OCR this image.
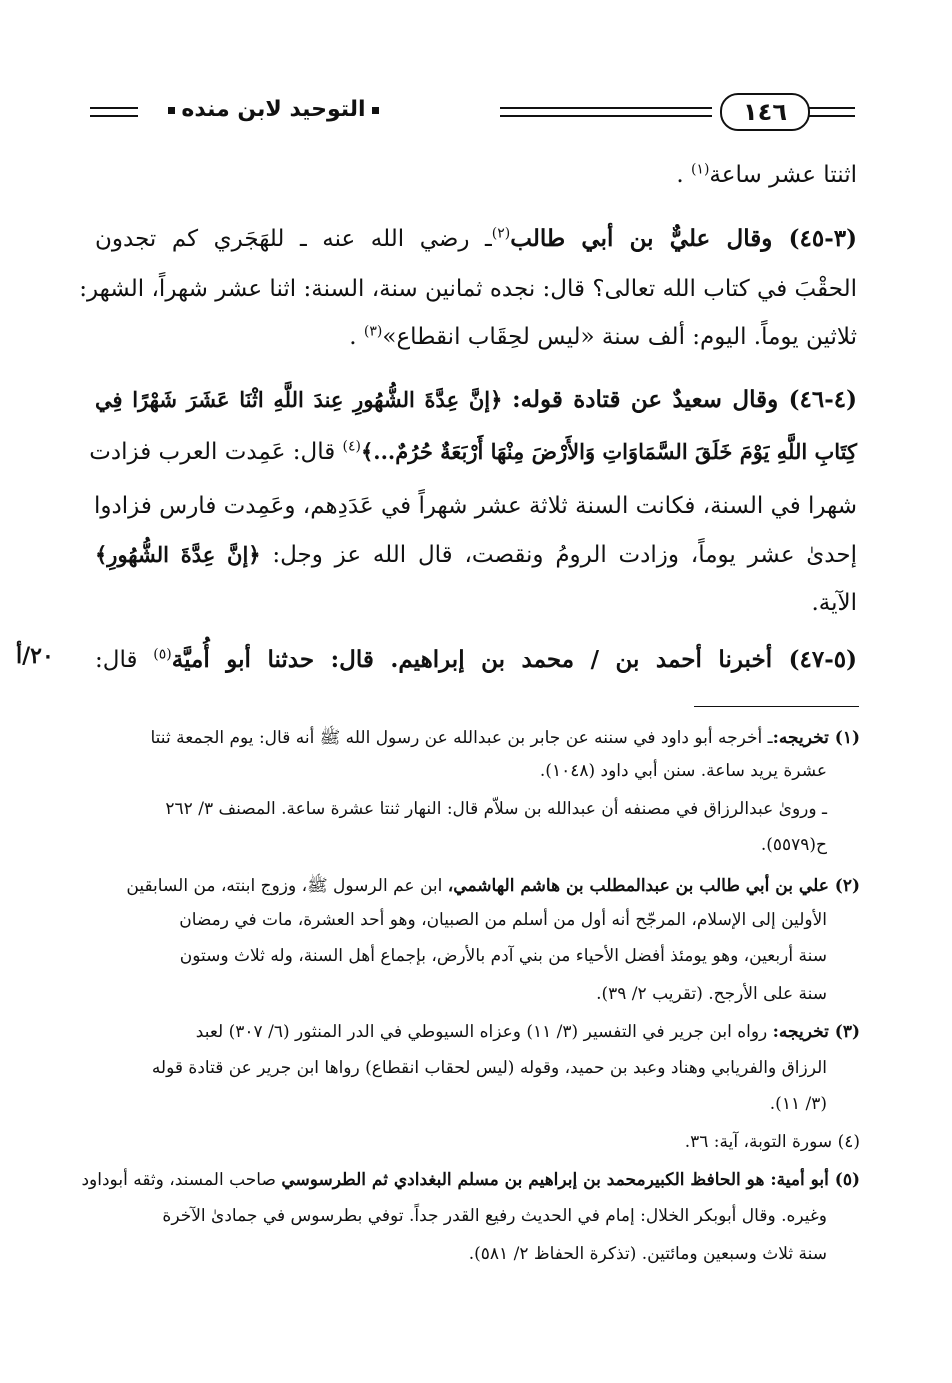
التوحيد لابن منده	١٤٦
اثنتا عشر ساعة$^{(١)}$ .
(٣-٤٥) وقال عليٌّ بن أبي طالب$^{(٢)}$ـ رضي الله عنه ـ للهَجَري كم تجدون
الحقْبَ في كتاب الله تعالى؟ قال: نجده ثمانين سنة، السنة: اثنا عشر شهراً، الشهر:
ثلاثين يوماً. اليوم: ألف سنة «ليس لحِقَاب انقطاع»$^{(٣)}$ .
(٤-٤٦) وقال سعيدٌ عن قتادة قوله: ﴿إنَّ عِدَّةَ الشُّهُورِ عِندَ اللَّهِ اثْنَا عَشَرَ شَهْرًا فِي
كِتَابِ اللَّهِ يَوْمَ خَلَقَ السَّمَاوَاتِ وَالأَرْضَ مِنْهَا أَرْبَعَةٌ حُرُمٌ...﴾$^{(٤)}$ قال: عَمِدت العرب فزادت
شهرا في السنة، فكانت السنة ثلاثة عشر شهراً في عَدَدِهم، وعَمِدت فارس فزادوا
إحدىٰ عشر يوماً، وزادت الرومُ ونقصت، قال الله عز وجل: ﴿إنَّ عِدَّةَ الشُّهُورِ﴾
الآية.
(٥-٤٧) أخبرنا أحمد بن / محمد بن إبراهيم. قال: حدثنا أبو أُميَّة$^{(٥)}$ قال:
٢٠/أ
(١) تخريجه:ـ أخرجه أبو داود في سننه عن جابر بن عبدالله عن رسول الله ﷺ أنه قال: يوم الجمعة ثنتا
عشرة يريد ساعة. سنن أبي داود (١٠٤٨).
ـ وروىٰ عبدالرزاق في مصنفه أن عبدالله بن سلاّم قال: النهار ثنتا عشرة ساعة. المصنف ٣/ ٢٦٢
ح(٥٥٧٩).
(٢) علي بن أبي طالب بن عبدالمطلب بن هاشم الهاشمي، ابن عم الرسول ﷺ، وزوج ابنته، من السابقين
الأولين إلى الإسلام، المرجّح أنه أول من أسلم من الصبيان، وهو أحد العشرة، مات في رمضان
سنة أربعين، وهو يومئذ أفضل الأحياء من بني آدم بالأرض، بإجماع أهل السنة، وله ثلاث وستون
سنة على الأرجح. (تقريب ٢/ ٣٩).
(٣) تخريجه: رواه ابن جرير في التفسير (٣/ ١١) وعزاه السيوطي في الدر المنثور (٦/ ٣٠٧) لعبد
الرزاق والفريابي وهناد وعبد بن حميد، وقوله (ليس لحقاب انقطاع) رواها ابن جرير عن قتادة قوله
(٣/ ١١).
(٤) سورة التوبة، آية: ٣٦.
(٥) أبو أمية: هو الحافظ الكبيرمحمد بن إبراهيم بن مسلم البغدادي ثم الطرسوسي صاحب المسند، وثقه أبوداود
وغيره. وقال أبوبكر الخلال: إمام في الحديث رفيع القدر جداً. توفي بطرسوس في جمادىٰ الآخرة
سنة ثلاث وسبعين ومائتين. (تذكرة الحفاظ ٢/ ٥٨١).
